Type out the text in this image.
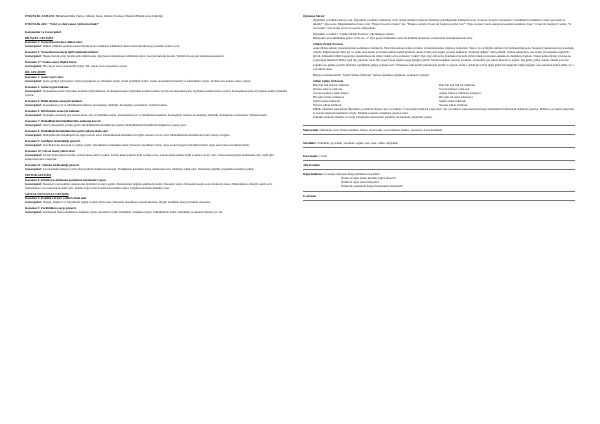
ETKİNLİK ZAMANI: Bütünleştirilmiş Türkçe, Müzik, Sanat, Okuma Yazmaya Hazırlık Büyük Grup Etkinliği

ETKİNLİK ADI: "Tırtıl ve çilek tanesi. Şiirin üzerinde?"

Kazanımlar ve Göstergeleri:

BİLİŞSEL GELİŞİM

Kazanım 1: Nesne/durum/olaya dikkat eder.

Göstergeleri: Dikkat edilmesi gereken nesne/durum/olaya odaklanır. Dikkatini çeken nesne/durum/olaya yönelik sorular sorar.

Kazanım 2: Nesne/durum/olayla ilgili tahminde bulunur.

Göstergeleri: Nesne/durum/olayı inceleyerek tahmin eder. İpuçlarını birleştirerek tahminini söyler. Gerçek durumu inceler. Tahmini ile gerçek durumu karşılaştırır.

Kazanım 17: Neden-sonuç ilişkisi kurar.

Göstergeleri: Bir olayın olası nedenlerini söyler. Bir olayın olası sonuçlarını söyler.

DİL GELİŞİMİ

Kazanım 1: Sesleri ayırt eder.

Göstergeleri: Sesin geldiği yönü söyler. Sesin kaynağının ne olduğunu söyler. Sesin özelliğini söyler. Sesler arasındaki benzerlik ve farklılıkları söyler. Verilen sese benzer sesler çıkarır.

Kazanım 2: Sesini uygun kullanır.

Göstergeleri: Konuşurken/şarkı söylerken nefesini doğru kullanır. Konuşurken/şarkı söylerken sesinin tonunu ayarlar. Konuşurken/şarkı söylerken sesinin hızını ayarlar. Konuşurken/şarkı söylerken sesinin şiddetini ayarlar.

Kazanım 4: Dilini iletişim amacıyla kullanır.

Göstergeleri: Konuşurken jest ve mimiklerini kullanır. Konuşmayı sürdürür. Konuşmayı sonlandırır. Sohbete katılır.

Kazanım 5: Dili iletişim amacıyla kullanır.

Göstergeleri: Konuşma sırasında göz teması kurar. Jest ve mimikleri anlar. Konuşurken jest ve mimiklerini kullanır. Konuşmayı başlatır. Konuşmayı sürdürür. Konuşmayı sonlandırır. Sohbete katılır.

Kazanım 7: Dinlediklerinin/izlediklerinin anlamını kavrar.

Göstergeleri: Sözel yönergeleri yerine getirir. Dinlediklerini/izlediklerini açıklar. Dinlediklerini/izlediklerini hakkında yorum yapar.

Kazanım 8: Dinlediklerini/izlediklerini çeşitli yollarla ifade eder.

Göstergeleri: Dinlediklerini/izlediklerini ile ilgili sorular sorar. Dinlediklerini/izledikleri ile ilgili sorulara cevap verir. Dinlediklerini/izlediklerini öykü yoluyla sergiler.

Kazanım 9: Sesbilgisi farkındalığı gösterir.

Göstergeleri: Sözcükleri heceleyerek ve sesleri söyler. Sözcüklerin sonundaki sesler benzeyen sözcükleri söyler. Aynı sesle başlayan sözcükleri üretir. Aynı sesle biten sözcükleri üretir.

Kazanım 10: Görsel materyalleri okur.

Göstergeleri: Görsel materyalleri inceler. Görsel materyalleri açıklar. Görsel materyallerle ilgili sorular sorar. Görsel materyallerle ilgili sorulara cevap verir. Görsel materyalleri kullanarak olay, öykü gibi kompozisyonlar oluşturur.

Kazanım 11: Okuma farkındalığı gösterir.

Göstergeleri: Çevresindeki bulunan yazılı materyallerle hakkında konuşur. Yetişkinden kendisine kitap okumasını ister. Okumayı taklit eder. Okumanın günlük yaşamdaki önemini açıklar.

MOTOR GELİŞİM

Kazanım 4: Küçük kas kullanımı gerektiren hareketleri yapar.

Göstergeleri: Nesneleri yeni şekiller oluşturacak biçimde bir araya getirir. Malzemeleri değişik şekillerde katlar. Nesneleri toplar. Nesneleri kesme aracı/makas ile keser. Malzemelere elleriyle şekil verir. Malzemelere araç kullanarak şekil verir. Kalem doğru tutar. Kalem kontrolünü sağlar. Çizgileri istenilen nitelikte çizer.

SOSYAL DUYGUSAL GELİŞİM

Kazanım 3: Kendini yaratıcı yollarla ifade eder.

Göstergeleri: Duygu, düşünce ve hayallerini özgün yollarla ifade eder. Nesneleri alışılmışın dışında kullanır. Özgün özellikler taşıyan ürünler oluşturur.

Kazanım 5: Farklılıklara saygı gösterir.

Göstergeleri: Kendisinin farklı özellikleri olduğunu söyler. İnsanların farklı özellikleri olduğunu söyler. Etkinliklerde farklı özellikteki çocuklarla birlikte yer alır.

Öğrenme Süreci:

Öğretmen çocuklara masaya alır. Öğretmen çocuklara Örümcek, tırtıl, ördek resimleri gösterir. Resimde gördüklerinin isimlerini sorar. Sonrası cevaplar sonrasında "Gördüklerin resimlerin ortak yanı nedir ve nitelik?" diye sorar. Düşünmelerine fırsat verir. "Hepsi O sesi ile başlar" der. "Başka o sesiyle O sesi ile başlayan şeyler var?" "Diye sorular. Sonra okuyarak sesinin tanıtımını yapar "O sesi ile başlayan" sesler. "O sesi sesler" sesi. Kalıp ses ile O sesi ile oluşturulan.

Öğretmen çocuklara "Çilekte Ördek Yavrusu" adlı hikâyeyi anlatır.

Hikayenin son bölümünde gelen "O ile ne...?" diye geçen bölümden sonra ile bölümü okuyacak çocuklardan tamamlanmasını ister.

Çilekte Ördek Yavrusu

Anne Ördek suların yansımalarının korkmuyor bulduydu. Yeni bahçesinde ördek yavruları yumurtalarından çıkmaya başladılar. Yeni o ve en büyük yumurta bir türlü kırılmıyordu. Sonunda yumurtanın boyu kabuğu çatladı. Diğerlerinden daha gri ve farklı olan ördek yavrusunu kimse kabul görmedi. Anne ördek yeni doğan yavrusu hakkında "Umarım değişir" dedi şefkatli. Zaman ilerleyince ona ördek yavrusunun rengi hala griydi. Kimsenin bilim başyapıları oluşturmuyordu yüzü; ördek yavru ardından "çirkin" diye alay ediyordu. Kardeşleri de kafa yırtık ördek yavrusunu eskiden de dışlamaya başladı. Yalnız kalan Ördek yavrusu ne yapacağını bilemedi. Belki yeşil tüy yarasına vardı. Bir yazın beyaz kuşları uçup gittiğini gördü. Yaban ördekleri onu hiç sevmedi. O kendini çok yalnız hissetti ve ağladı. Kış geldi, göller dondu. Ördek yavrusu soğukta zor günler geçirdi. İlkbahar geldiğinde güneş yeniden ısıttı. Yüzerken suda kendi yansımasını gördü ve şaşırdı. Artık o çirkin gri yavru değil güzel bir kuğuydu. Diğer kuğular onu aralarına kabul ettiler ve o çok mutlu oldu.

Hikaye sonlandırılarak "Sallan Sallan Örümcek" şarkısı öğretmen eşliğinde çocuklarla söylenir.

Sallan Sallan Örümcek

Bak bak bak bak bir örümcek	Bak bak bak bak bir örümcek
Duvara çıkıyor tırtıl sen	Tavana bakıyor çilek sen
Tavana uzanıyor ağını örüyor	Ağlara bakıyor örümcek dolaşıyor
Bir ağda fırtına sallanıyor	Bir ağda bir anne sallanıyor
Sallan sallan örümcek	Sallan sallan örümcek
Yuvana sallan örümcek	Yuvana sallan örümcek

Müzik çalışması sonrasında Öğretmen çocuklarla masaya alır. Çocuklara "Lobiyeden örümcek yapıyoruz" der. Çocuklara yaptırılan hazırlanan malzemeleri kullanarak örümcek yaparlar. Bitirince çocuklar okuyarak O sesi ile başlayan kelimeler söyler. Etkinlik sonunda çalışmalar panoya asılır.

Etkinlik sonunda 'Okuma ve Çizgi Çalışmaları kitabından' sayfaları incelenerek çalışmalar yapılır.

Materyaller: Örümcek, tırtıl, ördek resimleri, lobiye, siyah iplik, oyun hamuru, makas, yapıştırıcı, boya kalemleri

Sözcükler: Sallamak, ağ örmek, yaşamak, soğuk, taze, yeni, çirkin, değişmek

Kavramlar: O sesi

Aile Katılımı

Değerlendirme: O sesiyle başlayan hangi kelimeleri söyledin?

Ördek yavrusu neden kendini yalnız hissetti?

Örümcek ağını nasıl örüyordu?

Örümcek yapımında hangi malzemeleri kullandık?

Uyarlama
